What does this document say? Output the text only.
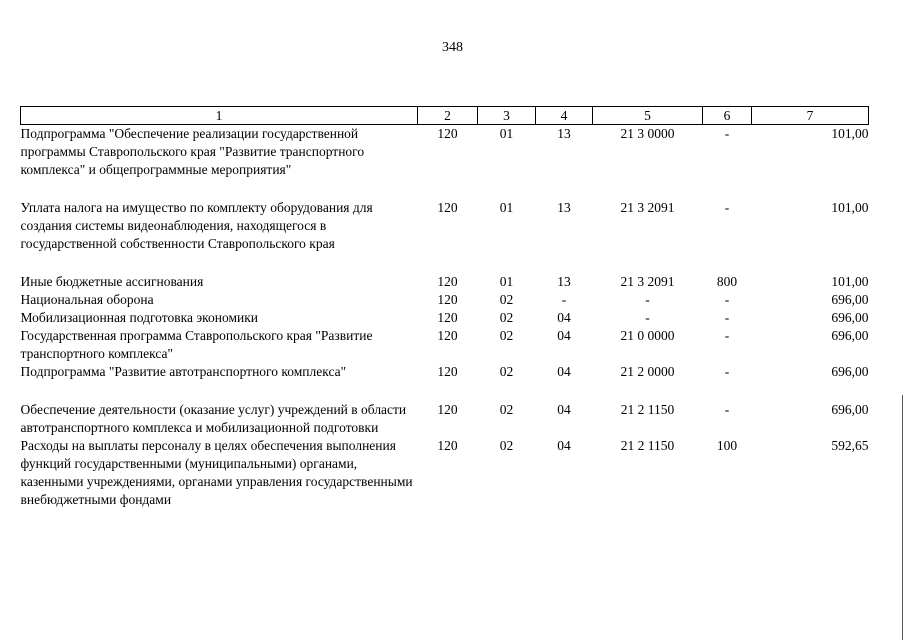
348
1	2	3	4	5	6	7
Подпрограмма "Обеспечение реализации государственной программы Ставропольского края "Развитие транспортного комплекса" и общепрограммные мероприятия"	120	01	13	21 3 0000	-	101,00
Уплата налога на имущество по комплекту оборудования для создания системы видеонаблюдения, находящегося в государственной собственности Ставропольского края	120	01	13	21 3 2091	-	101,00
Иные бюджетные ассигнования	120	01	13	21 3 2091	800	101,00
Национальная оборона	120	02	-	-	-	696,00
Мобилизационная подготовка экономики	120	02	04	-	-	696,00
Государственная программа Ставропольского края "Развитие транспортного комплекса"	120	02	04	21 0 0000	-	696,00
Подпрограмма "Развитие автотранспортного комплекса"	120	02	04	21 2 0000	-	696,00
Обеспечение деятельности (оказание услуг) учреждений в области автотранспортного комплекса и мобилизационной подготовки	120	02	04	21 2 1150	-	696,00
Расходы на выплаты персоналу в целях обеспечения выполнения функций государственными (муниципальными) органами, казенными учреждениями, органами управления государственными внебюджетными фондами	120	02	04	21 2 1150	100	592,65
